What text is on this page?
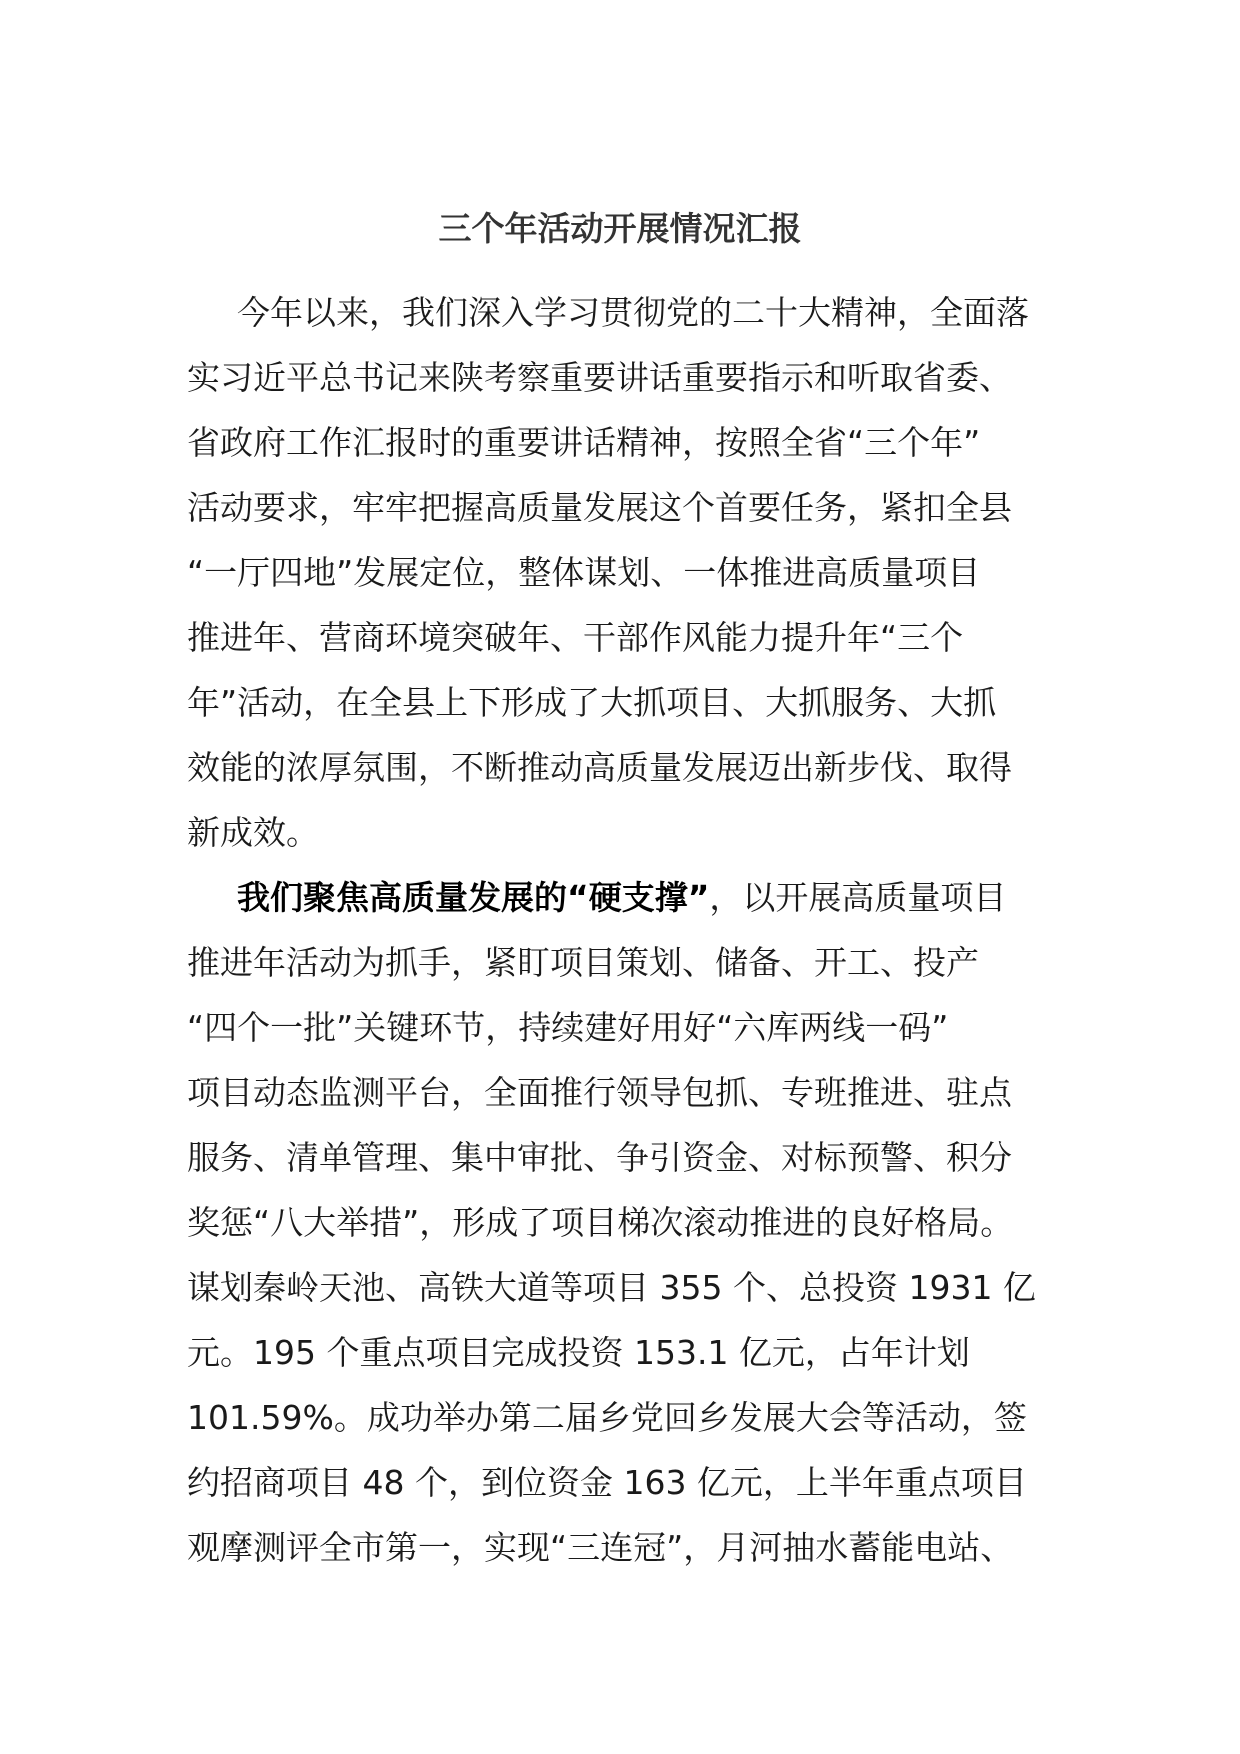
三个年活动开展情况汇报
今年以来，我们深入学习贯彻党的二十大精神，全面落
实习近平总书记来陕考察重要讲话重要指示和听取省委、
省政府工作汇报时的重要讲话精神，按照全省“三个年”
活动要求，牢牢把握高质量发展这个首要任务，紧扣全县
“一厅四地”发展定位，整体谋划、一体推进高质量项目
推进年、营商环境突破年、干部作风能力提升年“三个
年”活动，在全县上下形成了大抓项目、大抓服务、大抓
效能的浓厚氛围，不断推动高质量发展迈出新步伐、取得
新成效。
我们聚焦高质量发展的“硬支撑”，以开展高质量项目
推进年活动为抓手，紧盯项目策划、储备、开工、投产
“四个一批”关键环节，持续建好用好“六库两线一码”
项目动态监测平台，全面推行领导包抓、专班推进、驻点
服务、清单管理、集中审批、争引资金、对标预警、积分
奖惩“八大举措”，形成了项目梯次滚动推进的良好格局。
谋划秦岭天池、高铁大道等项目 355 个、总投资 1931 亿
元。195 个重点项目完成投资 153.1 亿元，占年计划
101.59%。成功举办第二届乡党回乡发展大会等活动，签
约招商项目 48 个，到位资金 163 亿元，上半年重点项目
观摩测评全市第一，实现“三连冠”，月河抽水蓄能电站、
